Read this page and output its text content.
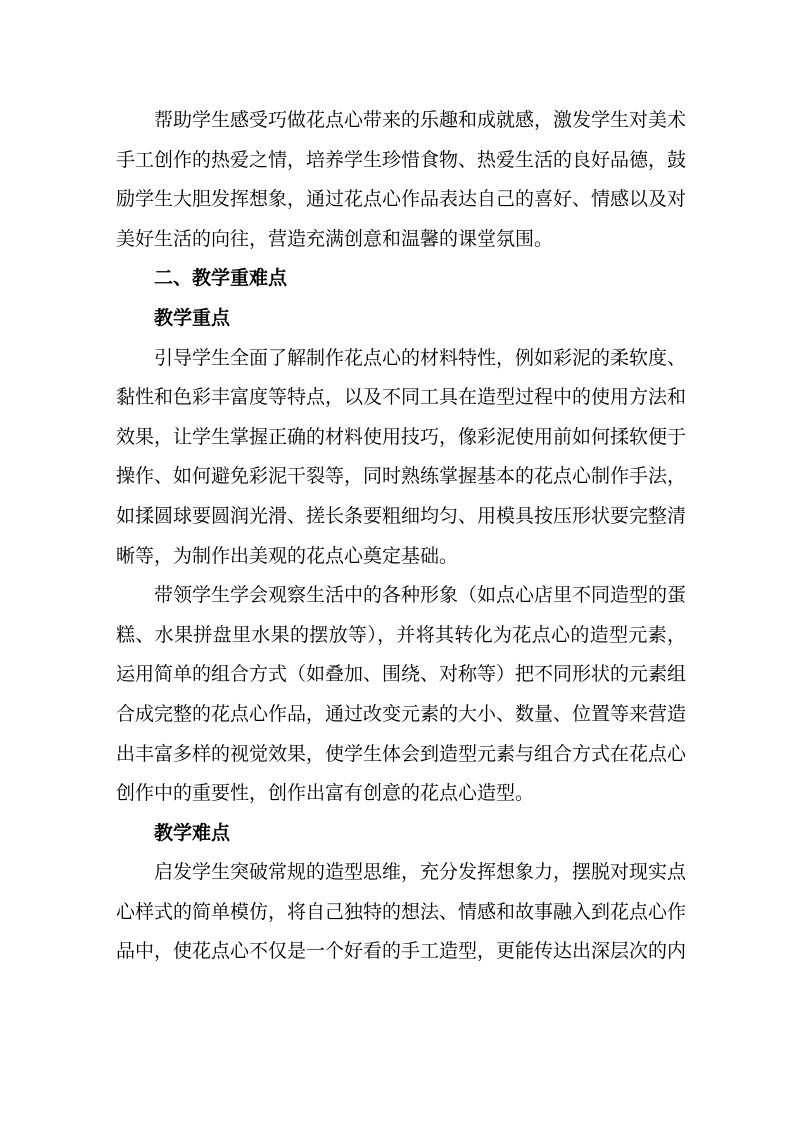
帮助学生感受巧做花点心带来的乐趣和成就感，激发学生对美术手工创作的热爱之情，培养学生珍惜食物、热爱生活的良好品德，鼓励学生大胆发挥想象，通过花点心作品表达自己的喜好、情感以及对美好生活的向往，营造充满创意和温馨的课堂氛围。

二、教学重难点

教学重点

引导学生全面了解制作花点心的材料特性，例如彩泥的柔软度、黏性和色彩丰富度等特点，以及不同工具在造型过程中的使用方法和效果，让学生掌握正确的材料使用技巧，像彩泥使用前如何揉软便于操作、如何避免彩泥干裂等，同时熟练掌握基本的花点心制作手法，如揉圆球要圆润光滑、搓长条要粗细均匀、用模具按压形状要完整清晰等，为制作出美观的花点心奠定基础。

带领学生学会观察生活中的各种形象（如点心店里不同造型的蛋糕、水果拼盘里水果的摆放等），并将其转化为花点心的造型元素，运用简单的组合方式（如叠加、围绕、对称等）把不同形状的元素组合成完整的花点心作品，通过改变元素的大小、数量、位置等来营造出丰富多样的视觉效果，使学生体会到造型元素与组合方式在花点心创作中的重要性，创作出富有创意的花点心造型。

教学难点

启发学生突破常规的造型思维，充分发挥想象力，摆脱对现实点心样式的简单模仿，将自己独特的想法、情感和故事融入到花点心作品中，使花点心不仅是一个好看的手工造型，更能传达出深层次的内
